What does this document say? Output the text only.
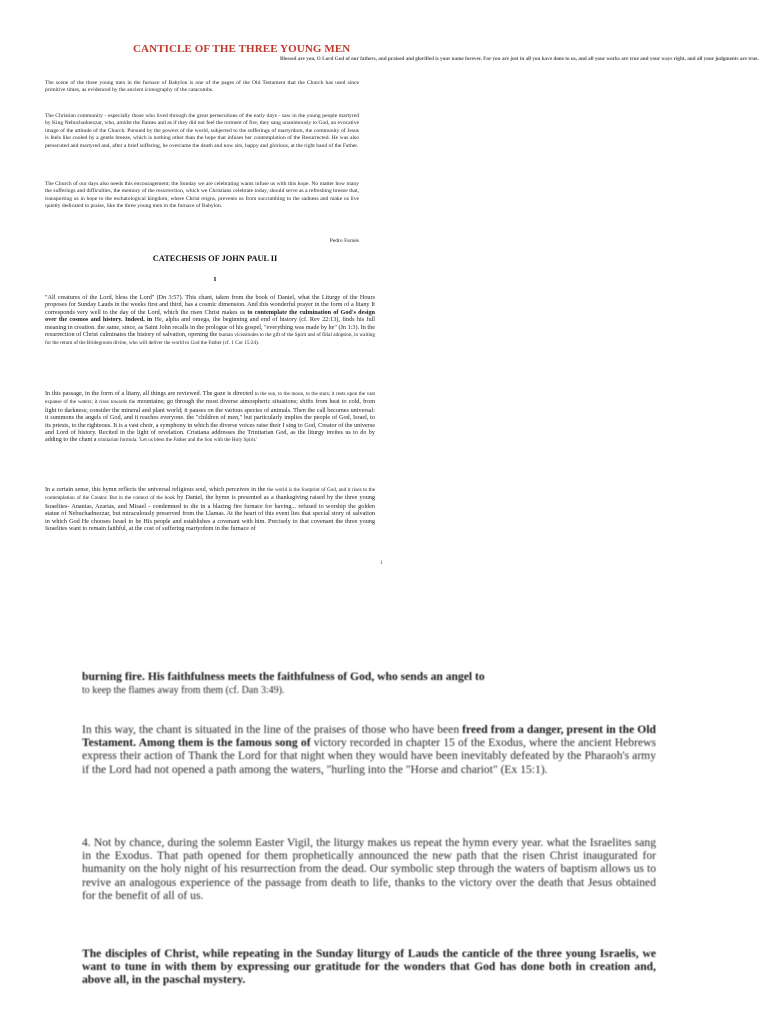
CANTICLE OF THE THREE YOUNG MEN
Blessed are you, O Lord God of our fathers, and praised and glorified is your name forever. For you are just in all you have done to us, and all your works are true and your ways right, and all your judgments are true.

The scene of the three young men in the furnace of Babylon is one of the pages of the Old Testament that the Church has used since primitive times, as evidenced by the ancient iconography of the catacombs.

The Christian community - especially those who lived through the great persecutions of the early days - saw in the young people martyred by King Nebuchadnezzar, who, amidst the flames and as if they did not feel the torment of fire, they sang unanimously to God, an evocative image of the attitude of the Church. Pursued by the powers of the world, subjected to the sufferings of martyrdom, the community of Jesus is feels like cooled by a gentle breeze, which is nothing other than the hope that infuses her contemplation of the Resurrected. He was also persecuted and martyred and, after a brief suffering, he overcame the death and now sits, happy and glorious, at the right hand of the Father.

The Church of our days also needs this encouragement; the Sunday we are celebrating wants infuse us with this hope. No matter how many the sufferings and difficulties, the memory of the resurrection, which we Christians celebrate today, should serve as a refreshing breeze that, transporting us in hope to the eschatological kingdom, where Christ reigns, prevents us from succumbing to the sadness and make us live quietly dedicated to praise, like the three young men in the furnace of Babylon.

Pedro Farnés
CATECHESIS OF JOHN PAUL II
I

"All creatures of the Lord, bless the Lord" (Dn 3:57). This chant, taken from the book of Daniel, what the Liturgy of the Hours proposes for Sunday Lauds in the weeks first and third, has a cosmic dimension. And this wonderful prayer in the form of a litany It corresponds very well to the day of the Lord, which the risen Christ makes us to contemplate the culmination of God's design over the cosmos and history. Indeed, in He, alpha and omega, the beginning and end of history (cf. Rev 22:13), finds his full meaning in creation. the same, since, as Saint John recalls in the prologue of his gospel, "everything was made by he" (Jn 1:3). In the resurrection of Christ culminates the history of salvation, opening the human vicissitudes to the gift of the Spirit and of filial adoption, in waiting for the return of the Bridegroom divine, who will deliver the world to God the Father (cf. 1 Cor 15:24).

In this passage, in the form of a litany, all things are reviewed. The gaze is directed to the sun, to the moon, to the stars; it rests upon the vast expanse of the waters; it rises towards the mountains; go through the most diverse atmospheric situations; shifts from heat to cold, from light to darkness; consider the mineral and plant world; it pauses on the various species of animals. Then the call becomes universal: it summons the angels of God, and it reaches everyone. the "children of men," but particularly implies the people of God, Israel, to its priests, to the righteous. It is a vast choir, a symphony in which the diverse voices raise their I sing to God, Creator of the universe and Lord of history. Recited in the light of revelation. Cristiana addresses the Trinitarian God, as the liturgy invites us to do by adding to the chant a trinitarian formula: 'Let us bless the Father and the Son with the Holy Spirit.'

In a certain sense, this hymn reflects the universal religious soul, which perceives in the the world is the footprint of God, and it rises to the contemplation of the Creator. But in the context of the book by Daniel, the hymn is presented as a thanksgiving raised by the three young Israelites- Ananias, Azarias, and Misael - condemned to die in a blazing fire furnace for having... refused to worship the golden statue of Nebuchadnezzar, but miraculously preserved from the Llamas. At the heart of this event lies that special story of salvation in which God He chooses Israel to be His people and establishes a covenant with him. Precisely to that covenant the three young Israelites want to remain faithful, at the cost of suffering martyrdom in the furnace of

1

burning fire. His faithfulness meets the faithfulness of God, who sends an angel to
to keep the flames away from them (cf. Dan 3:49).

In this way, the chant is situated in the line of the praises of those who have been freed from a danger, present in the Old Testament. Among them is the famous song of victory recorded in chapter 15 of the Exodus, where the ancient Hebrews express their action of Thank the Lord for that night when they would have been inevitably defeated by the Pharaoh's army if the Lord had not opened a path among the waters, "hurling into the "Horse and chariot" (Ex 15:1).

4. Not by chance, during the solemn Easter Vigil, the liturgy makes us repeat the hymn every year. what the Israelites sang in the Exodus. That path opened for them prophetically announced the new path that the risen Christ inaugurated for humanity on the holy night of his resurrection from the dead. Our symbolic step through the waters of baptism allows us to revive an analogous experience of the passage from death to life, thanks to the victory over the death that Jesus obtained for the benefit of all of us.

The disciples of Christ, while repeating in the Sunday liturgy of Lauds the canticle of the three young Israelis, we want to tune in with them by expressing our gratitude for the wonders that God has done both in creation and, above all, in the paschal mystery.
